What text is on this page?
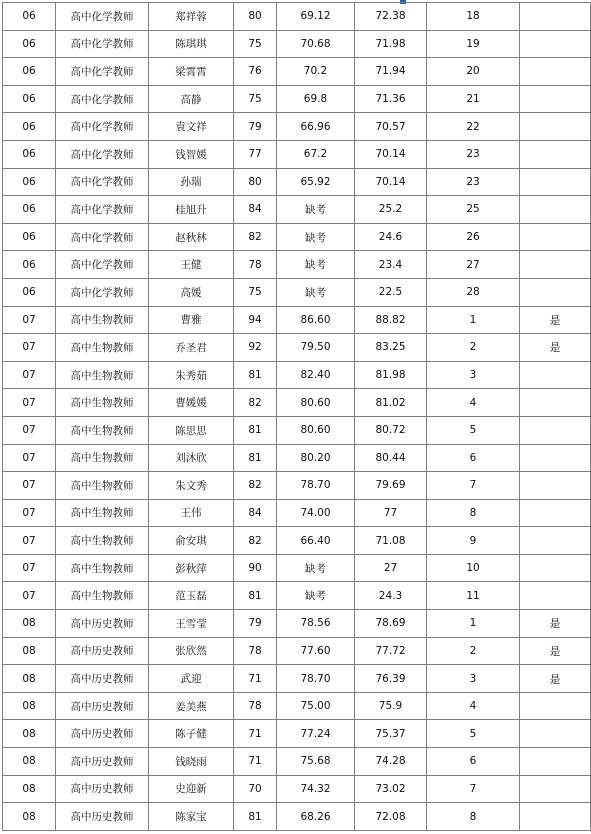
06	高中化学教师	郑祥蓉	80	69.12	72.38	18	
06	高中化学教师	陈琪琪	75	70.68	71.98	19	
06	高中化学教师	梁霄霄	76	70.2	71.94	20	
06	高中化学教师	高静	75	69.8	71.36	21	
06	高中化学教师	袁文祥	79	66.96	70.57	22	
06	高中化学教师	钱智媛	77	67.2	70.14	23	
06	高中化学教师	孙瑞	80	65.92	70.14	23	
06	高中化学教师	桂旭升	84	缺考	25.2	25	
06	高中化学教师	赵秋林	82	缺考	24.6	26	
06	高中化学教师	王健	78	缺考	23.4	27	
06	高中化学教师	高媛	75	缺考	22.5	28	
07	高中生物教师	曹雅	94	86.60	88.82	1	是
07	高中生物教师	乔圣君	92	79.50	83.25	2	是
07	高中生物教师	朱秀茹	81	82.40	81.98	3	
07	高中生物教师	曹媛媛	82	80.60	81.02	4	
07	高中生物教师	陈思思	81	80.60	80.72	5	
07	高中生物教师	刘沐欣	81	80.20	80.44	6	
07	高中生物教师	朱文秀	82	78.70	79.69	7	
07	高中生物教师	王伟	84	74.00	77	8	
07	高中生物教师	俞安琪	82	66.40	71.08	9	
07	高中生物教师	彭秋萍	90	缺考	27	10	
07	高中生物教师	范玉磊	81	缺考	24.3	11	
08	高中历史教师	王雪莹	79	78.56	78.69	1	是
08	高中历史教师	张欣然	78	77.60	77.72	2	是
08	高中历史教师	武迎	71	78.70	76.39	3	是
08	高中历史教师	姜美燕	78	75.00	75.9	4	
08	高中历史教师	陈子健	71	77.24	75.37	5	
08	高中历史教师	钱晓雨	71	75.68	74.28	6	
08	高中历史教师	史迎新	70	74.32	73.02	7	
08	高中历史教师	陈家宝	81	68.26	72.08	8	
